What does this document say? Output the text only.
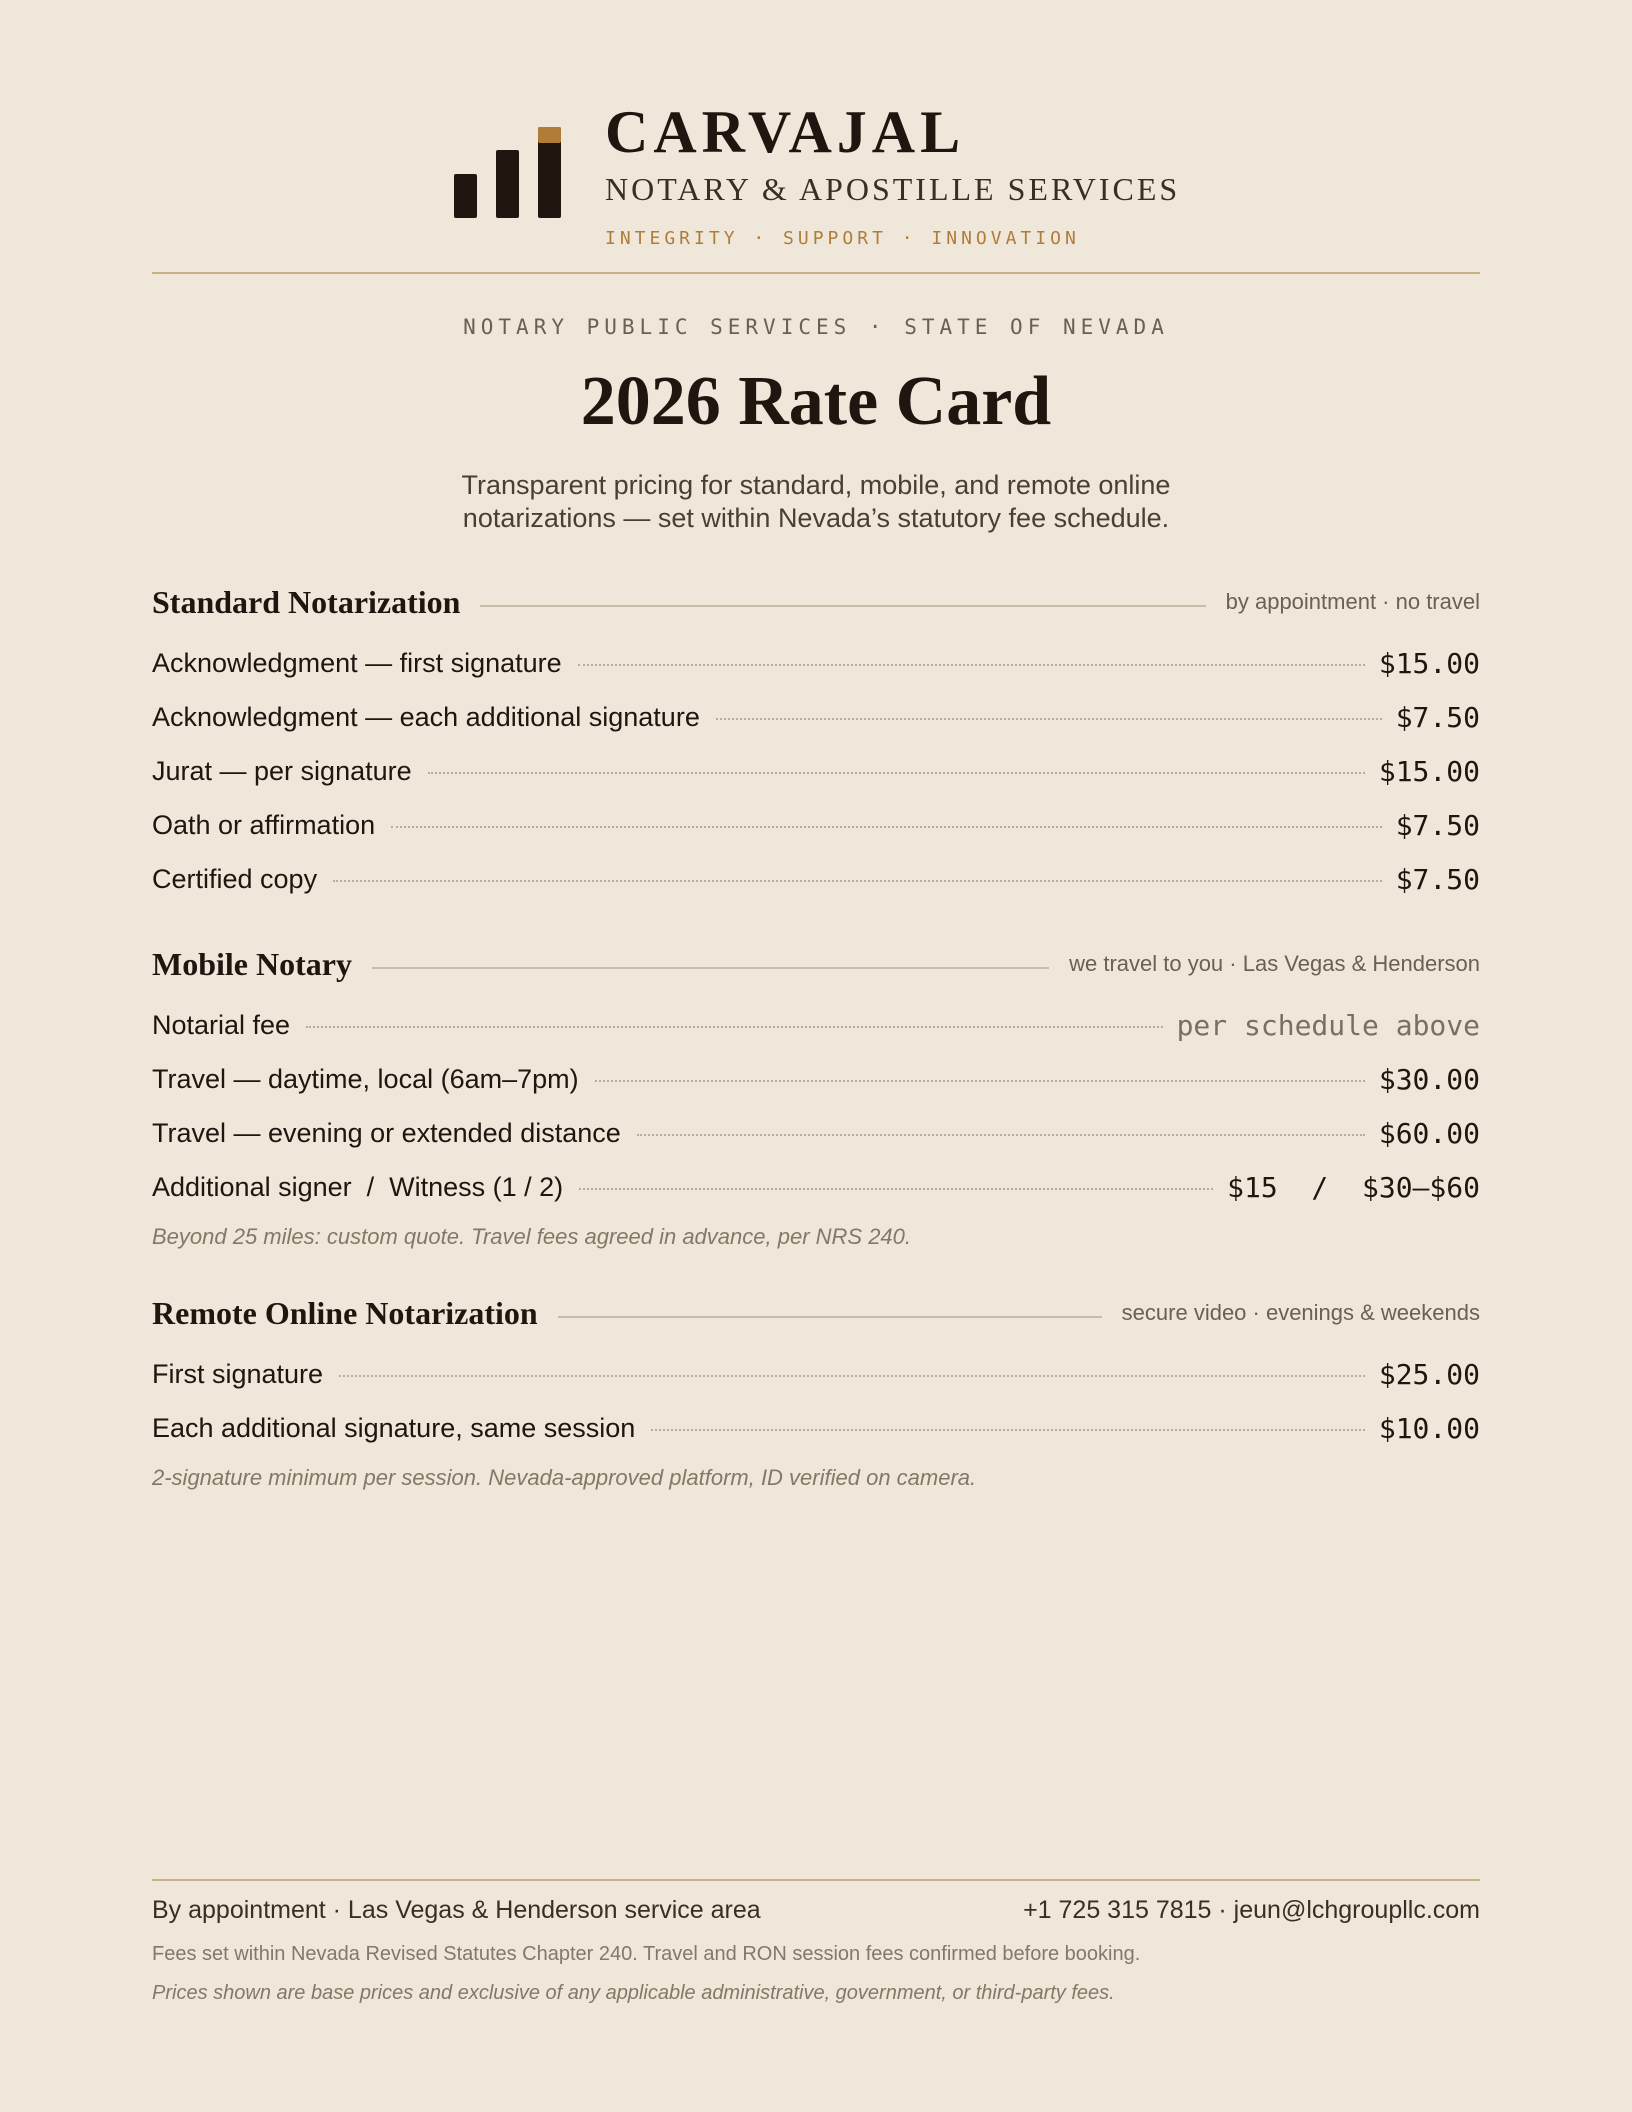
CARVAJAL
NOTARY & APOSTILLE SERVICES
INTEGRITY · SUPPORT · INNOVATION
NOTARY PUBLIC SERVICES · STATE OF NEVADA
2026 Rate Card
Transparent pricing for standard, mobile, and remote online
notarizations — set within Nevada’s statutory fee schedule.
Standard Notarization	by appointment · no travel
Acknowledgment — first signature	$15.00
Acknowledgment — each additional signature	$7.50
Jurat — per signature	$15.00
Oath or affirmation	$7.50
Certified copy	$7.50
Mobile Notary	we travel to you · Las Vegas & Henderson
Notarial fee	per schedule above
Travel — daytime, local (6am–7pm)	$30.00
Travel — evening or extended distance	$60.00
Additional signer  /  Witness (1 / 2)	$15  /  $30–$60
Beyond 25 miles: custom quote. Travel fees agreed in advance, per NRS 240.
Remote Online Notarization	secure video · evenings & weekends
First signature	$25.00
Each additional signature, same session	$10.00
2-signature minimum per session. Nevada-approved platform, ID verified on camera.
By appointment · Las Vegas & Henderson service area	+1 725 315 7815 · jeun@lchgroupllc.com
Fees set within Nevada Revised Statutes Chapter 240. Travel and RON session fees confirmed before booking.
Prices shown are base prices and exclusive of any applicable administrative, government, or third-party fees.
